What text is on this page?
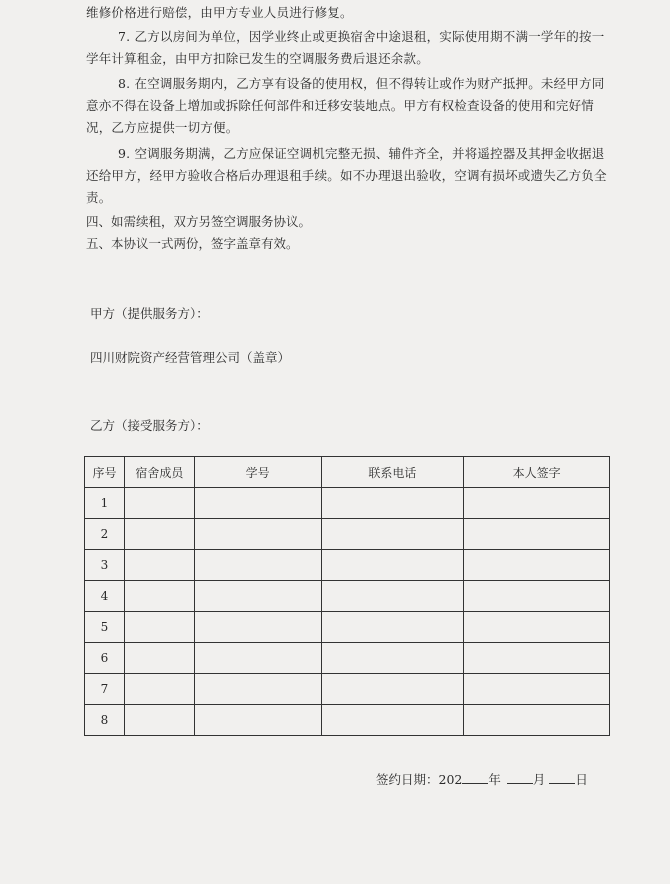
维修价格进行赔偿，由甲方专业人员进行修复。
7. 乙方以房间为单位，因学业终止或更换宿舍中途退租，实际使用期不满一学年的按一学年计算租金，由甲方扣除已发生的空调服务费后退还余款。
8. 在空调服务期内，乙方享有设备的使用权，但不得转让或作为财产抵押。未经甲方同意亦不得在设备上增加或拆除任何部件和迁移安装地点。甲方有权检查设备的使用和完好情况，乙方应提供一切方便。
9. 空调服务期满，乙方应保证空调机完整无损、辅件齐全，并将遥控器及其押金收据退还给甲方，经甲方验收合格后办理退租手续。如不办理退出验收，空调有损坏或遗失乙方负全责。
四、如需续租，双方另签空调服务协议。
五、本协议一式两份，签字盖章有效。
甲方（提供服务方）：
四川财院资产经营管理公司（盖章）
乙方（接受服务方）：
序号	宿舍成员	学号	联系电话	本人签字
1				
2				
3				
4				
5				
6				
7				
8				
签约日期：202 年	月 日
